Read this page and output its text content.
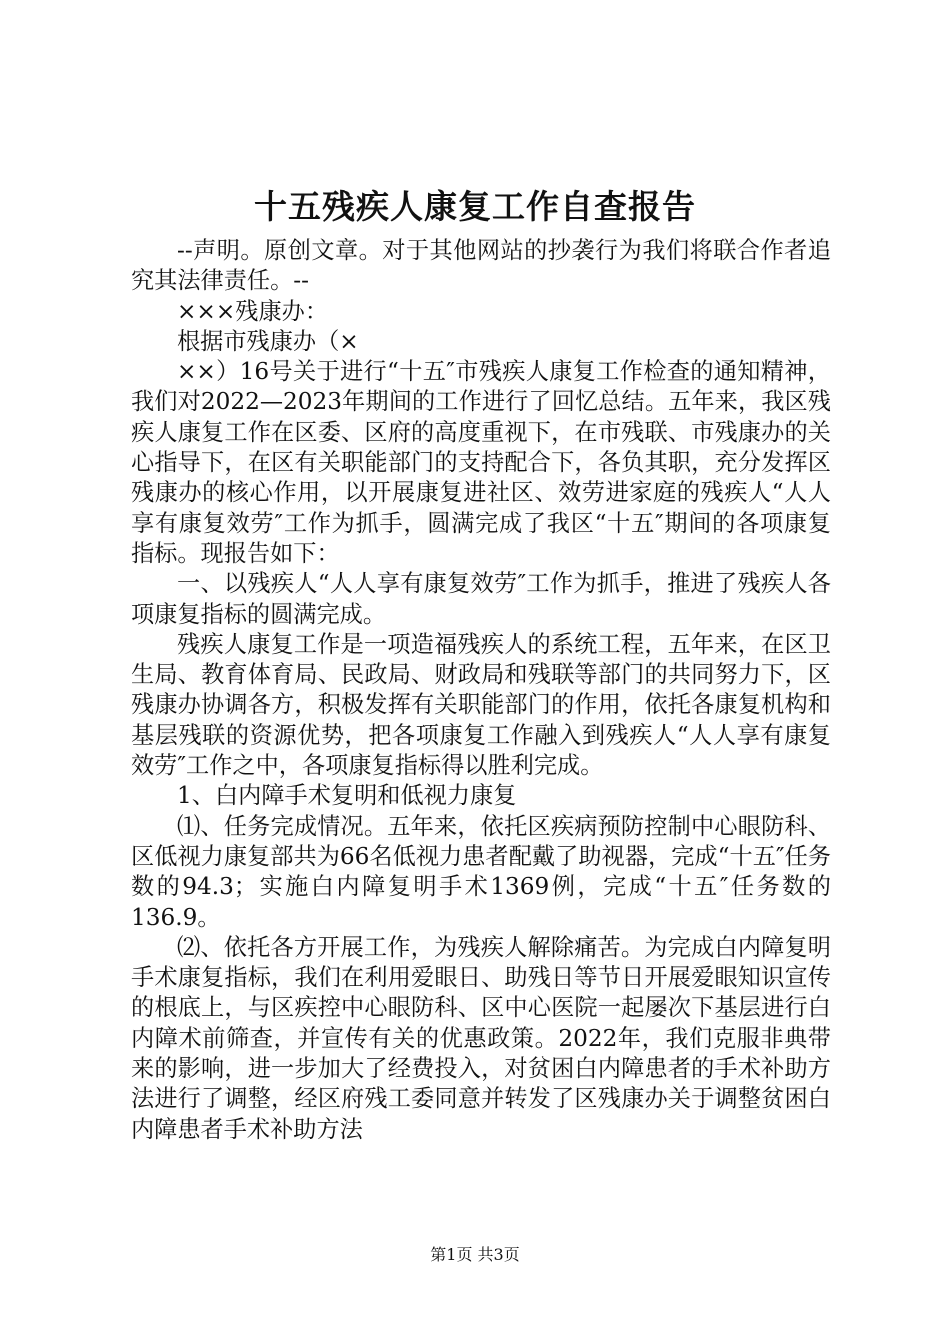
十五残疾人康复工作自查报告

--声明。原创文章。对于其他网站的抄袭行为我们将联合作者追究其法律责任。--

×××残康办：

根据市残康办（×

××）16号关于进行“十五″市残疾人康复工作检查的通知精神，我们对2022—2023年期间的工作进行了回忆总结。五年来，我区残疾人康复工作在区委、区府的高度重视下，在市残联、市残康办的关心指导下，在区有关职能部门的支持配合下，各负其职，充分发挥区残康办的核心作用，以开展康复进社区、效劳进家庭的残疾人“人人享有康复效劳″工作为抓手，圆满完成了我区“十五″期间的各项康复指标。现报告如下：

一、以残疾人“人人享有康复效劳″工作为抓手，推进了残疾人各项康复指标的圆满完成。

残疾人康复工作是一项造福残疾人的系统工程，五年来，在区卫生局、教育体育局、民政局、财政局和残联等部门的共同努力下，区残康办协调各方，积极发挥有关职能部门的作用，依托各康复机构和基层残联的资源优势，把各项康复工作融入到残疾人“人人享有康复效劳″工作之中，各项康复指标得以胜利完成。

1、白内障手术复明和低视力康复

⑴、任务完成情况。五年来，依托区疾病预防控制中心眼防科、区低视力康复部共为66名低视力患者配戴了助视器，完成“十五″任务数的94.3；实施白内障复明手术1369例，完成“十五″任务数的136.9。

⑵、依托各方开展工作，为残疾人解除痛苦。为完成白内障复明手术康复指标，我们在利用爱眼日、助残日等节日开展爱眼知识宣传的根底上，与区疾控中心眼防科、区中心医院一起屡次下基层进行白内障术前筛查，并宣传有关的优惠政策。2022年，我们克服非典带来的影响，进一步加大了经费投入，对贫困白内障患者的手术补助方法进行了调整，经区府残工委同意并转发了区残康办关于调整贫困白内障患者手术补助方法

第1页 共3页
